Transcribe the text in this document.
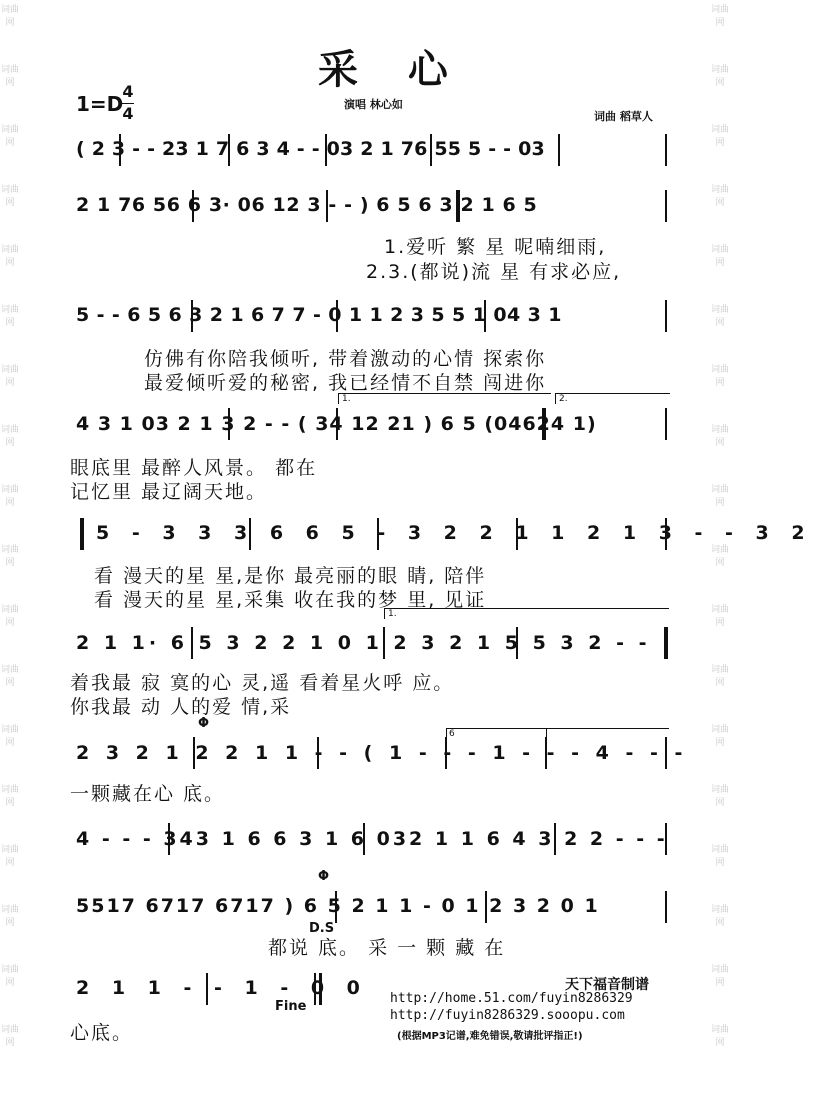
词曲网
词曲网
词曲网
词曲网
词曲网
词曲网
词曲网
词曲网
词曲网
词曲网
词曲网
词曲网
词曲网
词曲网
词曲网
词曲网
词曲网
词曲网
词曲网
词曲网
词曲网
词曲网
词曲网
词曲网
词曲网
词曲网
词曲网
词曲网
词曲网
词曲网
词曲网
词曲网
词曲网
词曲网
词曲网
词曲网
采 心
1=D
4
4	演唱 林心如
词曲 稻草人
( 2 3 - - 23 1 7 6 3 4 - - 03 2 1 76 55 5 - - 03
2 1 76 56 6 3· 06 12 3 - - ) 6 5 6 3 2 1 6 5
1.爱听 繁 星 呢喃细雨,
2.3.(都说)流 星 有求必应,
5 - - 6 5 6 3 2 1 6 7 7 - 0 1 1 2 3 5 5 1 04 3 1
仿佛有你陪我倾听, 带着激动的心情 探索你
最爱倾听爱的秘密, 我已经情不自禁 闯进你
1.	2.
4 3 1 03 2 1 3 2 - - ( 34 12 21 ) 6 5 (04624 1)
眼底里 最醉人风景。 都在
记忆里 最辽阔天地。
5 - 3 3 3 6 6 5 - 3 2 2 1 1 2 1 3 - - 3 2
看 漫天的星 星,是你 最亮丽的眼 睛, 陪伴
看 漫天的星 星,采集 收在我的梦 里, 见证
1.
2 1 1· 6 5 3 2 2 1 0 1 2 3 2 1 5 5 3 2 - -
着我最 寂 寞的心 灵,遥 看着星火呼 应。
你我最 动 人的爱 情,采
Φ
6
2 3 2 1 2 2 1 1 - - ( 1 - - - 1 - - - 4 - - -
一颗藏在心 底。
4 - - - 343 1 6 6 3 1 6 032 1 1 6 4 3 2 2 - - -
Φ
5517 6717 6717 ) 6 5 2 1 1 - 0 1 2 3 2 0 1
D.S
都说 底。 采 一 颗 藏 在
2 1 1 - - 1 - 0 0
Fine
心底。
天下福音制谱
http://home.51.com/fuyin8286329
http://fuyin8286329.sooopu.com
(根据MP3记谱,难免错误,敬请批评指正!)
